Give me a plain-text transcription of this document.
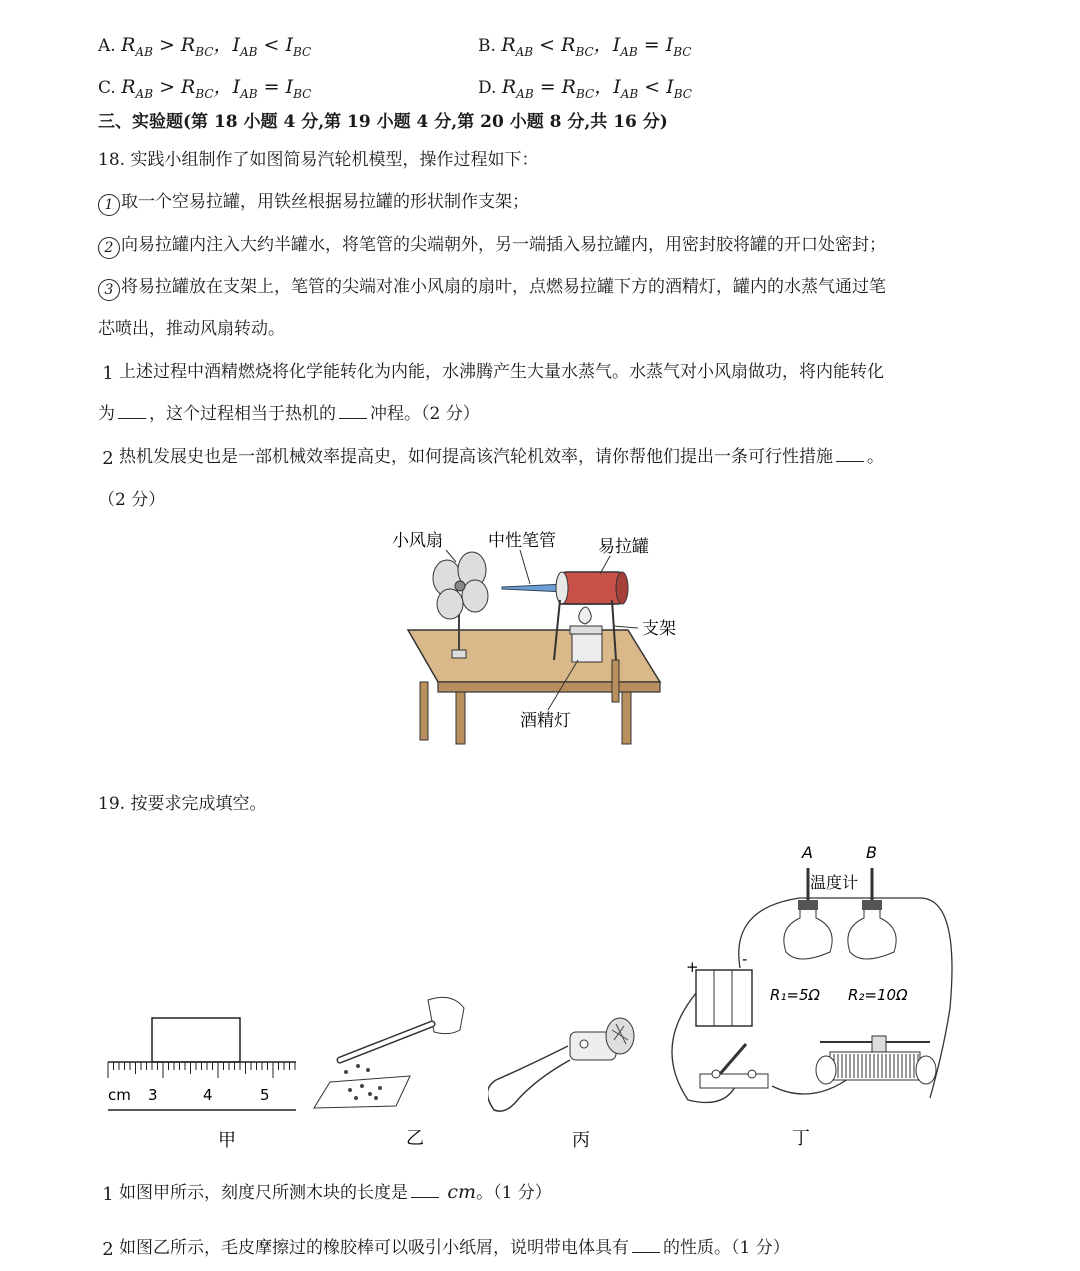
A. $R_{AB} > R_{BC}$，$I_{AB} < I_{BC}$	B. $R_{AB} < R_{BC}$，$I_{AB} = I_{BC}$
C. $R_{AB} > R_{BC}$，$I_{AB} = I_{BC}$	D. $R_{AB} = R_{BC}$，$I_{AB} < I_{BC}$
三、实验题(第 18 小题 4 分,第 19 小题 4 分,第 20 小题 8 分,共 16 分)
18. 实践小组制作了如图简易汽轮机模型，操作过程如下：
1 取一个空易拉罐，用铁丝根据易拉罐的形状制作支架；
2 向易拉罐内注入大约半罐水，将笔管的尖端朝外，另一端插入易拉罐内，用密封胶将罐的开口处密封；
3 将易拉罐放在支架上，笔管的尖端对准小风扇的扇叶，点燃易拉罐下方的酒精灯，罐内的水蒸气通过笔
芯喷出，推动风扇转动。
1 上述过程中酒精燃烧将化学能转化为内能，水沸腾产生大量水蒸气。水蒸气对小风扇做功，将内能转化
为 ，这个过程相当于热机的 冲程。（2 分）
2 热机发展史也是一部机械效率提高史，如何提高该汽轮机效率，请你帮他们提出一条可行性措施 。
（2 分）
小风扇	中性笔管 易拉罐
支架
酒精灯
19. 按要求完成填空。
cm 3	4	5
甲	乙	丙
+	-
A	B
温度计
R₁=5Ω R₂=10Ω
丁
1 如图甲所示，刻度尺所测木块的长度是 cm。（1 分）
2 如图乙所示，毛皮摩擦过的橡胶棒可以吸引小纸屑，说明带电体具有 的性质。（1 分）
